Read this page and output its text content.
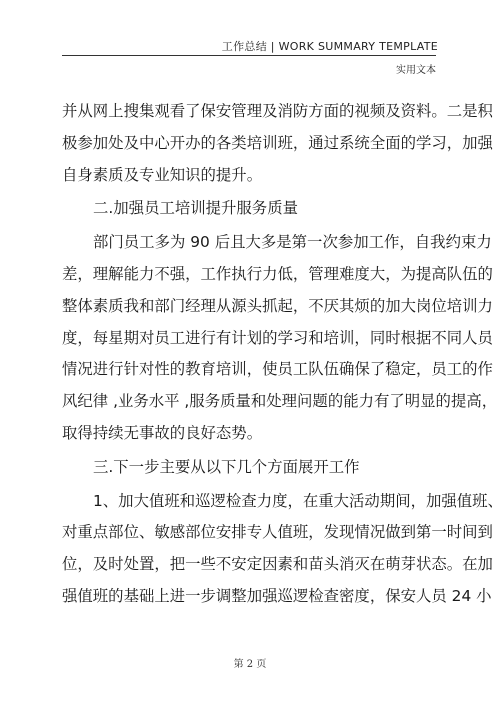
工作总结 | WORK SUMMARY TEMPLATE
实用文本
并从网上搜集观看了保安管理及消防方面的视频及资料。二是积
极参加处及中心开办的各类培训班，通过系统全面的学习，加强
自身素质及专业知识的提升。
二.加强员工培训提升服务质量
部门员工多为 90 后且大多是第一次参加工作，自我约束力
差，理解能力不强，工作执行力低，管理难度大，为提高队伍的
整体素质我和部门经理从源头抓起，不厌其烦的加大岗位培训力
度，每星期对员工进行有计划的学习和培训，同时根据不同人员
情况进行针对性的教育培训，使员工队伍确保了稳定，员工的作
风纪律 ,业务水平 ,服务质量和处理问题的能力有了明显的提高，
取得持续无事故的良好态势。
三.下一步主要从以下几个方面展开工作
1、加大值班和巡逻检查力度，在重大活动期间，加强值班、
对重点部位、敏感部位安排专人值班，发现情况做到第一时间到
位，及时处置，把一些不安定因素和苗头消灭在萌芽状态。在加
强值班的基础上进一步调整加强巡逻检查密度，保安人员 24 小
第 2 页
